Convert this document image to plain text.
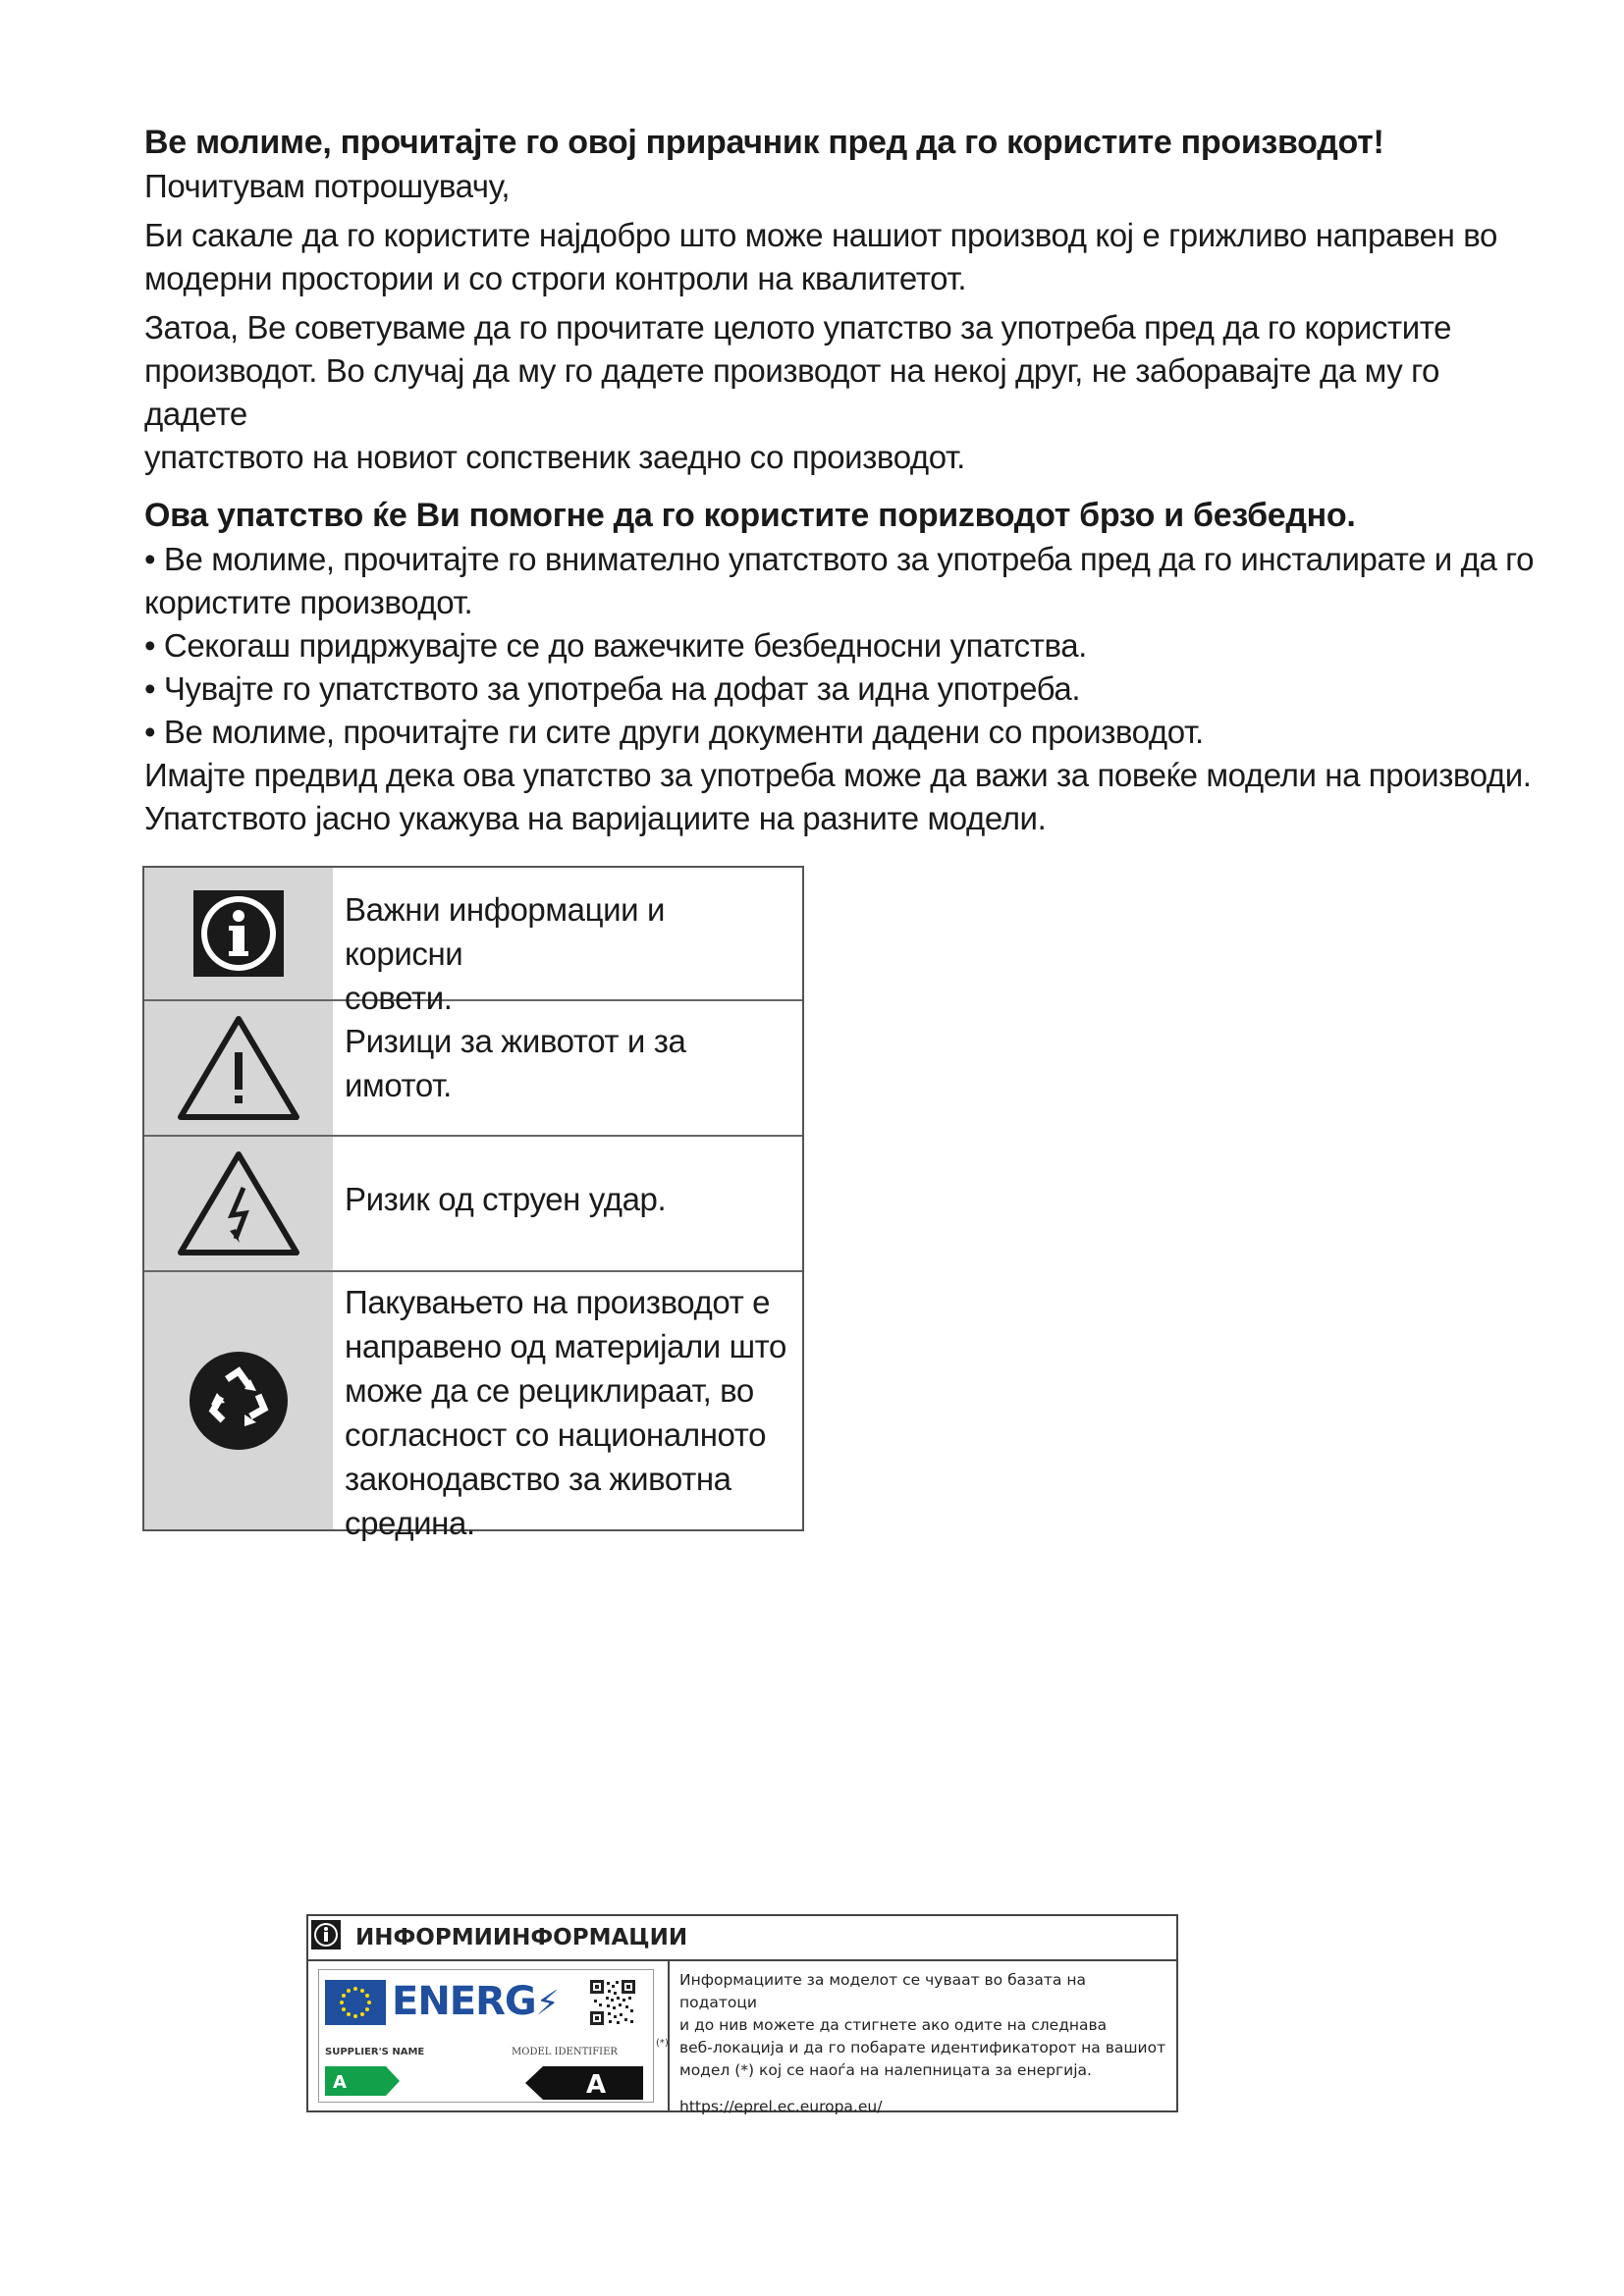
Ве молиме, прочитајте го овој прирачник пред да го користите производот!

Почитувам потрошувачу,

Би сакале да го користите најдобро што може нашиот производ кој е грижливо направен во

модерни простории и со строги контроли на квалитетот.

Затоа, Ве советуваме да го прочитате целото упатство за употреба пред да го користите

производот. Во случај да му го дадете производот на некој друг, не заборавајте да му го дадете

упатството на новиот сопственик заедно со производот.

Ова упатство ќе Ви помогне да го користите пориzводот брзо и безбедно.

• Ве молиме, прочитајте го внимателно упатството за употреба пред да го инсталирате и да го
користите производот.
• Секогаш придржувајте се до важечките безбедносни упатства.
• Чувајте го упатството за употреба на дофат за идна употреба.
• Ве молиме, прочитајте ги сите други документи дадени со производот.

Имајте предвид дека ова упатство за употреба може да важи за повеќе модели на производи.

Упатството јасно укажува на варијациите на разните модели.

Важни информации и корисни
совети.
Ризици за животот и за имотот.
Ризик од струен удар.
Пакувањето на производот е
направено од материјали што
може да се рециклираат, во
согласност со националното
законодавство за животна
средина.
ИНФОРМИИНФОРМАЦИИ
ENERG⚡
SUPPLIER'S NAME	MODEL IDENTIFIER
A	A
(*)
Информациите за моделот се чуваат во базата на податоци
и до нив можете да стигнете ако одите на следнава
веб-локација и да го побарате идентификаторот на вашиот
модел (*) кој се наоѓа на налепницата за енергија.
https://eprel.ec.europa.eu/
